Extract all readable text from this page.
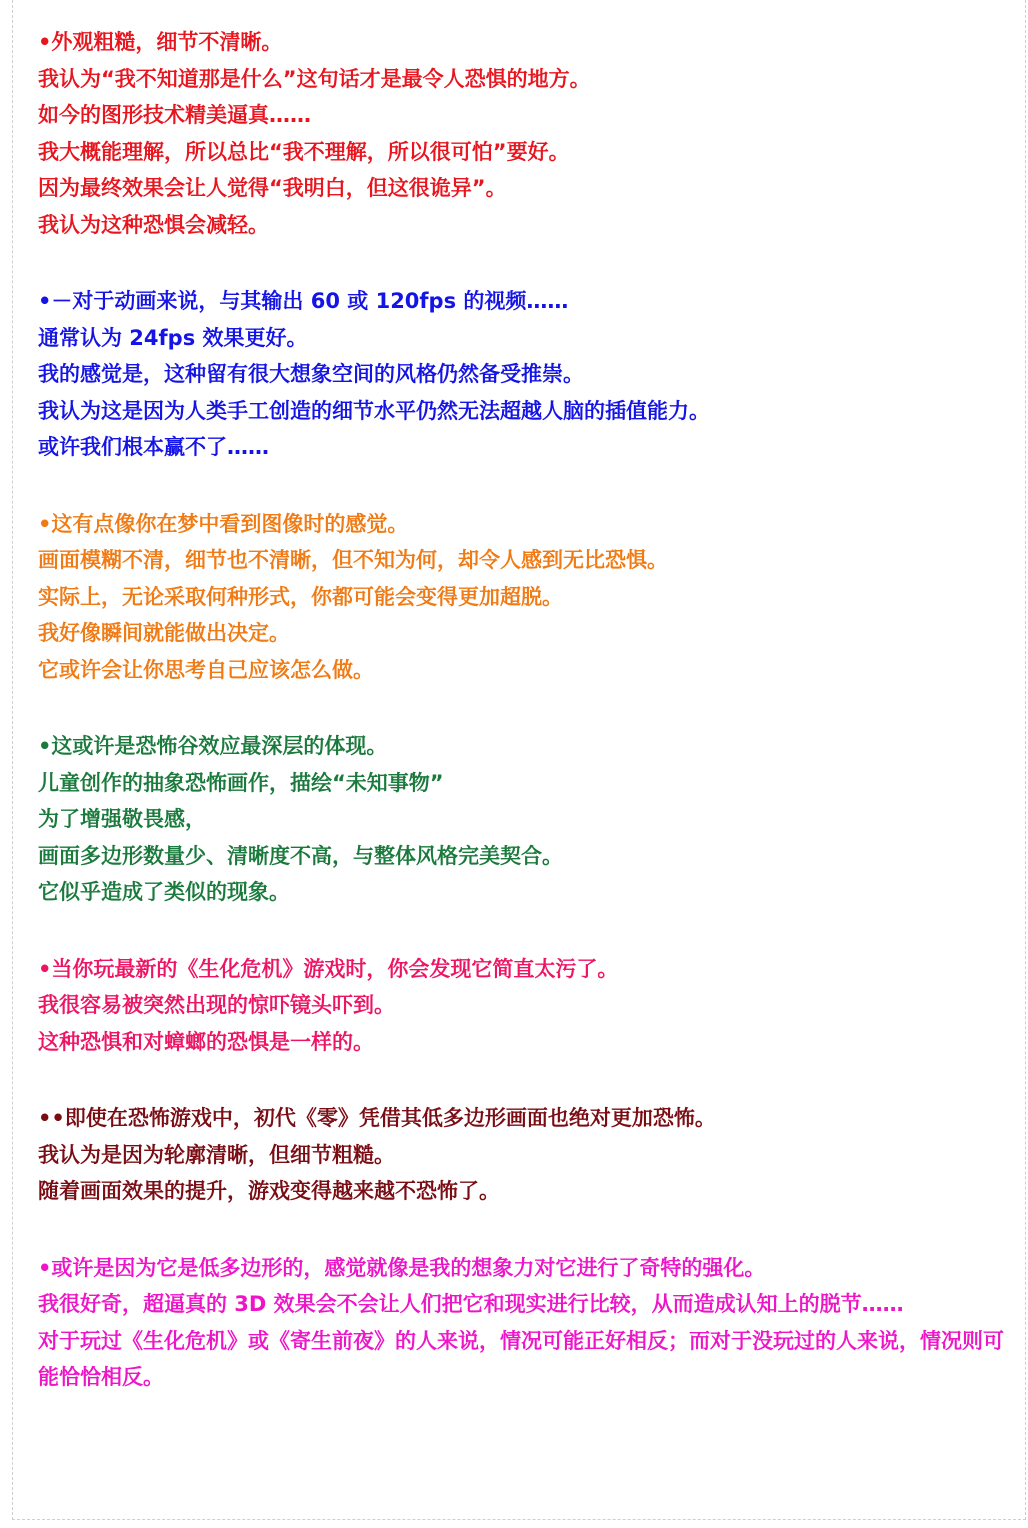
•外观粗糙，细节不清晰。
我认为“我不知道那是什么”这句话才是最令人恐惧的地方。
如今的图形技术精美逼真……
我大概能理解，所以总比“我不理解，所以很可怕”要好。
因为最终效果会让人觉得“我明白，但这很诡异”。
我认为这种恐惧会减轻。
•－对于动画来说，与其输出 60 或 120fps 的视频……
通常认为 24fps 效果更好。
我的感觉是，这种留有很大想象空间的风格仍然备受推崇。
我认为这是因为人类手工创造的细节水平仍然无法超越人脑的插值能力。
或许我们根本赢不了……
•这有点像你在梦中看到图像时的感觉。
画面模糊不清，细节也不清晰，但不知为何，却令人感到无比恐惧。
实际上，无论采取何种形式，你都可能会变得更加超脱。
我好像瞬间就能做出决定。
它或许会让你思考自己应该怎么做。
•这或许是恐怖谷效应最深层的体现。
儿童创作的抽象恐怖画作，描绘“未知事物”
为了增强敬畏感，
画面多边形数量少、清晰度不高，与整体风格完美契合。
它似乎造成了类似的现象。
•当你玩最新的《生化危机》游戏时，你会发现它简直太污了。
我很容易被突然出现的惊吓镜头吓到。
这种恐惧和对蟑螂的恐惧是一样的。
••即使在恐怖游戏中，初代《零》凭借其低多边形画面也绝对更加恐怖。
我认为是因为轮廓清晰，但细节粗糙。
随着画面效果的提升，游戏变得越来越不恐怖了。
•或许是因为它是低多边形的，感觉就像是我的想象力对它进行了奇特的强化。
我很好奇，超逼真的 3D 效果会不会让人们把它和现实进行比较，从而造成认知上的脱节……
对于玩过《生化危机》或《寄生前夜》的人来说，情况可能正好相反；而对于没玩过的人来说，情况则可能恰恰相反。
